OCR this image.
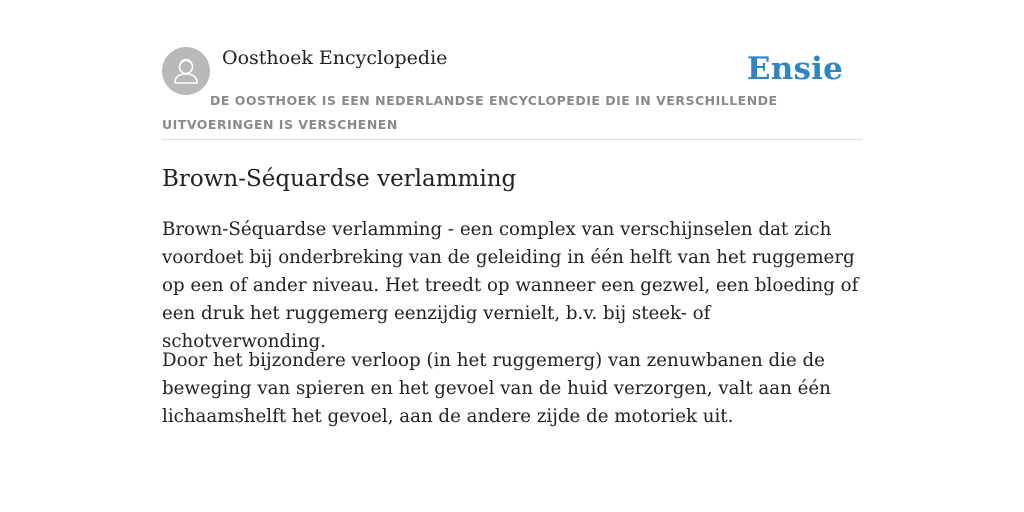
Oosthoek Encyclopedie	Ensie
DE OOSTHOEK IS EEN NEDERLANDSE ENCYCLOPEDIE DIE IN VERSCHILLENDE UITVOERINGEN IS VERSCHENEN
Brown-Séquardse verlamming

Brown-Séquardse verlamming - een complex van verschijnselen dat zich voordoet bij onderbreking van de geleiding in één helft van het ruggemerg op een of ander niveau. Het treedt op wanneer een gezwel, een bloeding of een druk het ruggemerg eenzijdig vernielt, b.v. bij steek- of schotverwonding.

Door het bijzondere verloop (in het ruggemerg) van zenuwbanen die de beweging van spieren en het gevoel van de huid verzorgen, valt aan één lichaamshelft het gevoel, aan de andere zijde de motoriek uit.
